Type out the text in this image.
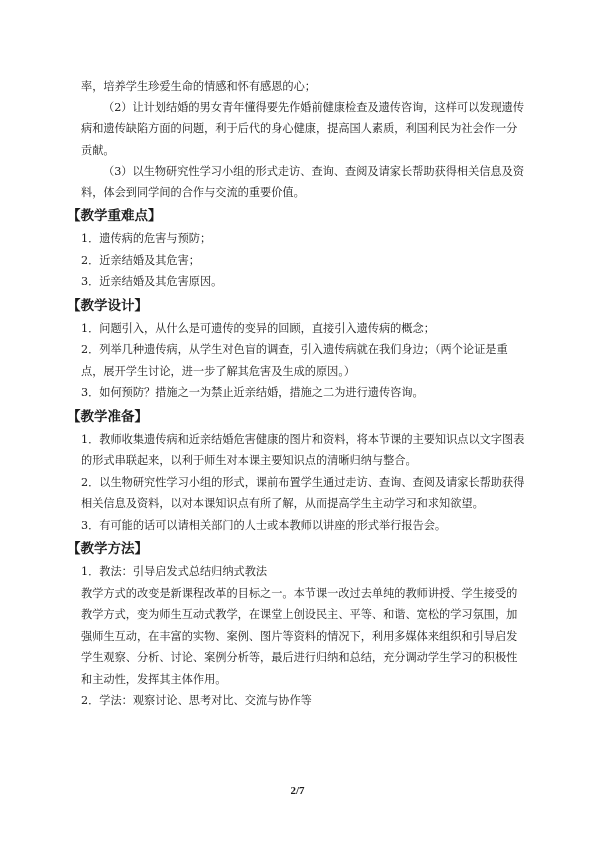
率，培养学生珍爱生命的情感和怀有感恩的心；

（2）让计划结婚的男女青年懂得要先作婚前健康检查及遗传咨询，这样可以发现遗传病和遗传缺陷方面的问题，利于后代的身心健康，提高国人素质，利国利民为社会作一分贡献。

（3）以生物研究性学习小组的形式走访、查询、查阅及请家长帮助获得相关信息及资料，体会到同学间的合作与交流的重要价值。

【教学重难点】

1．遗传病的危害与预防；

2．近亲结婚及其危害；

3．近亲结婚及其危害原因。

【教学设计】

1．问题引入，从什么是可遗传的变异的回顾，直接引入遗传病的概念；

2．列举几种遗传病，从学生对色盲的调查，引入遗传病就在我们身边；（两个论证是重点，展开学生讨论，进一步了解其危害及生成的原因。）

3．如何预防？措施之一为禁止近亲结婚，措施之二为进行遗传咨询。

【教学准备】

1．教师收集遗传病和近亲结婚危害健康的图片和资料，将本节课的主要知识点以文字图表的形式串联起来，以利于师生对本课主要知识点的清晰归纳与整合。

2．以生物研究性学习小组的形式，课前布置学生通过走访、查询、查阅及请家长帮助获得相关信息及资料，以对本课知识点有所了解，从而提高学生主动学习和求知欲望。

3．有可能的话可以请相关部门的人士或本教师以讲座的形式举行报告会。

【教学方法】

1．教法：引导启发式总结归纳式教法

教学方式的改变是新课程改革的目标之一。本节课一改过去单纯的教师讲授、学生接受的教学方式，变为师生互动式教学，在课堂上创设民主、平等、和谐、宽松的学习氛围，加强师生互动，在丰富的实物、案例、图片等资料的情况下，利用多媒体来组织和引导启发学生观察、分析、讨论、案例分析等，最后进行归纳和总结，充分调动学生学习的积极性和主动性，发挥其主体作用。

2．学法：观察讨论、思考对比、交流与协作等

2/7
